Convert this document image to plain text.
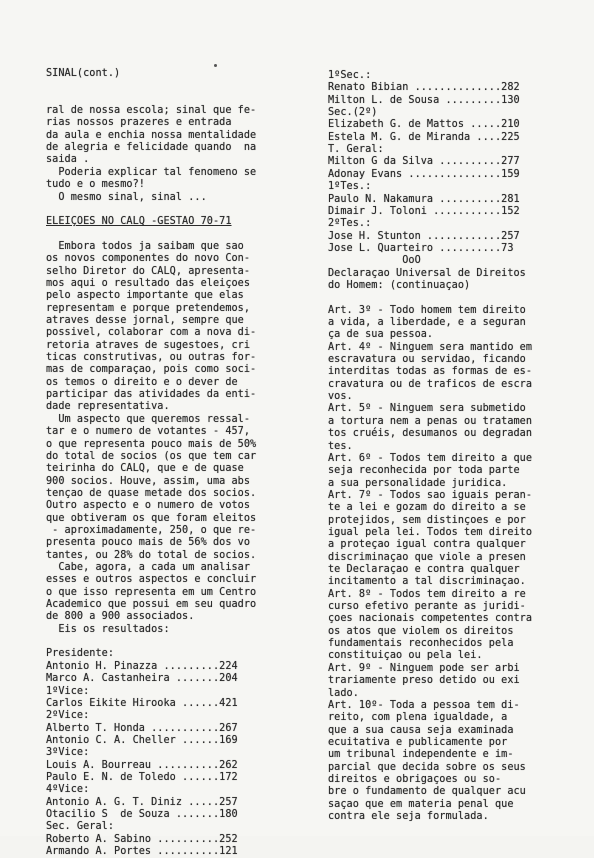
SINAL(cont.)
ral de nossa escola; sinal que fe-
rias nossos prazeres e entrada
da aula e enchia nossa mentalidade
de alegria e felicidade quando  na
saida .
Poderia explicar tal fenomeno se
tudo e o mesmo?!
O mesmo sinal, sinal ...
ELEIÇOES NO CALQ -GESTAO 70-71
Embora todos ja saibam que sao
os novos componentes do novo Con-
selho Diretor do CALQ, apresenta-
mos aqui o resultado das eleiçoes
pelo aspecto importante que elas
representam e porque pretendemos,
atraves desse jornal, sempre que
possivel, colaborar com a nova di-
retoria atraves de sugestoes, cri
ticas construtivas, ou outras for-
mas de comparaçao, pois como soci-
os temos o direito e o dever de
participar das atividades da enti-
dade representativa.
Um aspecto que queremos ressal-
tar e o numero de votantes - 457,
o que representa pouco mais de 50%
do total de socios (os que tem car
teirinha do CALQ, que e de quase
900 socios. Houve, assim, uma abs
tençao de quase metade dos socios.
Outro aspecto e o numero de votos
que obtiveram os que foram eleitos
- aproximadamente, 250, o que re-
presenta pouco mais de 56% dos vo
tantes, ou 28% do total de socios.
Cabe, agora, a cada um analisar
esses e outros aspectos e concluir
o que isso representa em um Centro
Academico que possui em seu quadro
de 800 a 900 associados.
Eis os resultados:
Presidente:
Antonio H. Pinazza .........224
Marco A. Castanheira .......204
1ºVice:
Carlos Eikite Hirooka ......421
2ºVice:
Alberto T. Honda ...........267
Antonio C. A. Cheller ......169
3ºVice:
Louis A. Bourreau ..........262
Paulo E. N. de Toledo ......172
4ºVice:
Antonio A. G. T. Diniz .....257
Otacilio S  de Souza .......180
Sec. Geral:
Roberto A. Sabino ..........252
Armando A. Portes ..........121
1ºSec.:
Renato Bibian ..............282
Milton L. de Sousa .........130
Sec.(2º)
Elizabeth G. de Mattos .....210
Estela M. G. de Miranda ....225
T. Geral:
Milton G da Silva ..........277
Adonay Evans ...............159
1ºTes.:
Paulo N. Nakamura ..........281
Dimair J. Toloni ...........152
2ºTes.:
Jose H. Stunton ............257
Jose L. Quarteiro ..........73
OoO
Declaraçao Universal de Direitos
do Homem: (continuaçao)
Art. 3º - Todo homem tem direito
a vida, a liberdade, e a seguran
ça de sua pessoa.
Art. 4º - Ninguem sera mantido em
escravatura ou servidao, ficando
interditas todas as formas de es-
cravatura ou de traficos de escra
vos.
Art. 5º - Ninguem sera submetido
a tortura nem a penas ou tratamen
tos cruéis, desumanos ou degradan
tes.
Art. 6º - Todos tem direito a que
seja reconhecida por toda parte
a sua personalidade juridica.
Art. 7º - Todos sao iguais peran-
te a lei e gozam do direito a se
protejidos, sem distinçoes e por
igual pela lei. Todos tem direito
a proteçao igual contra qualquer
discriminaçao que viole a presen
te Declaraçao e contra qualquer
incitamento a tal discriminaçao.
Art. 8º - Todos tem direito a re
curso efetivo perante as juridi-
çoes nacionais competentes contra
os atos que violem os direitos
fundamentais reconhecidos pela
constituiçao ou pela lei.
Art. 9º - Ninguem pode ser arbi
trariamente preso detido ou exi
lado.
Art. 10º- Toda a pessoa tem di-
reito, com plena igualdade, a
que a sua causa seja examinada
ecuitativa e publicamente por
um tribunal independente e im-
parcial que decida sobre os seus
direitos e obrigaçoes ou so-
bre o fundamento de qualquer acu
saçao que em materia penal que
contra ele seja formulada.
